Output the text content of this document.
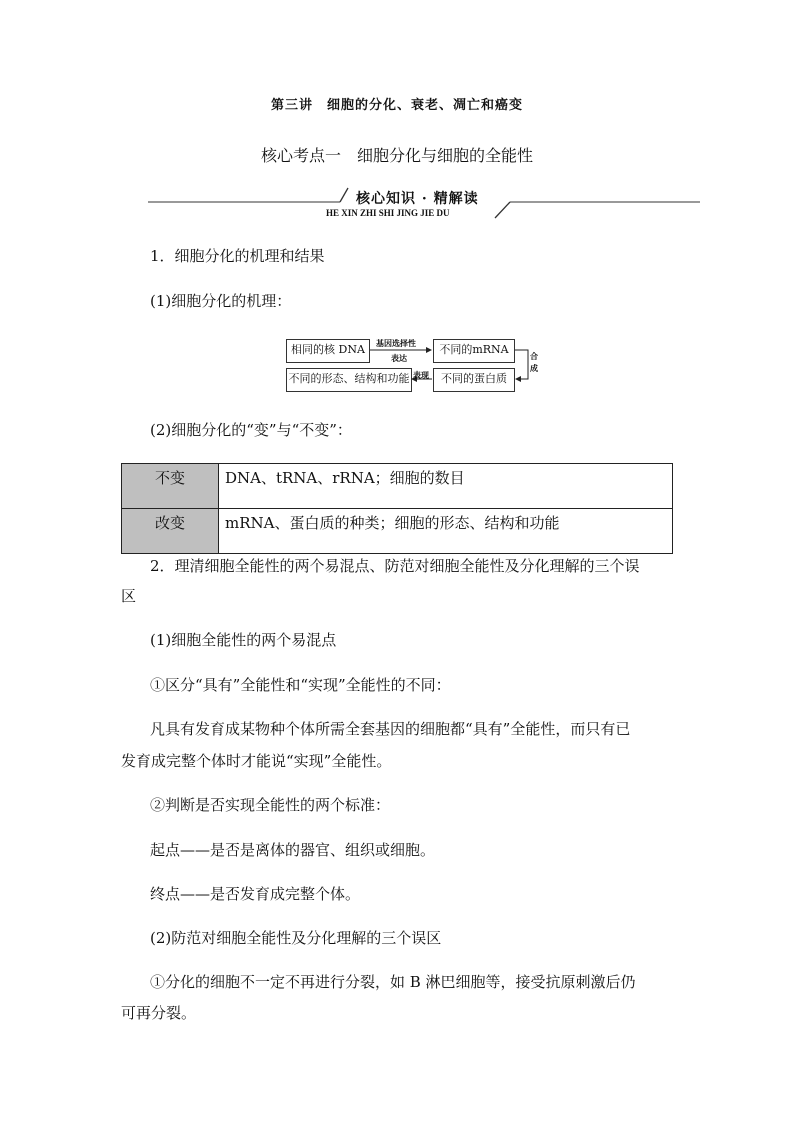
第三讲　细胞的分化、衰老、凋亡和癌变
核心考点一　细胞分化与细胞的全能性
核心知识 · 精解读
HE XIN ZHI SHI JING JIE DU
1．细胞分化的机理和结果
(1)细胞分化的机理：
相同的核 DNA	不同的mRNA
不同的蛋白质
不同的形态、结构和功能
基因选择性
表达	合成
表现
(2)细胞分化的“变”与“不变”：
不变	DNA、tRNA、rRNA；细胞的数目
改变	mRNA、蛋白质的种类；细胞的形态、结构和功能
2．理清细胞全能性的两个易混点、防范对细胞全能性及分化理解的三个误
区
(1)细胞全能性的两个易混点
①区分“具有”全能性和“实现”全能性的不同：
凡具有发育成某物种个体所需全套基因的细胞都“具有”全能性，而只有已
发育成完整个体时才能说“实现”全能性。
②判断是否实现全能性的两个标准：
起点——是否是离体的器官、组织或细胞。
终点——是否发育成完整个体。
(2)防范对细胞全能性及分化理解的三个误区
①分化的细胞不一定不再进行分裂，如 B 淋巴细胞等，接受抗原刺激后仍
可再分裂。
